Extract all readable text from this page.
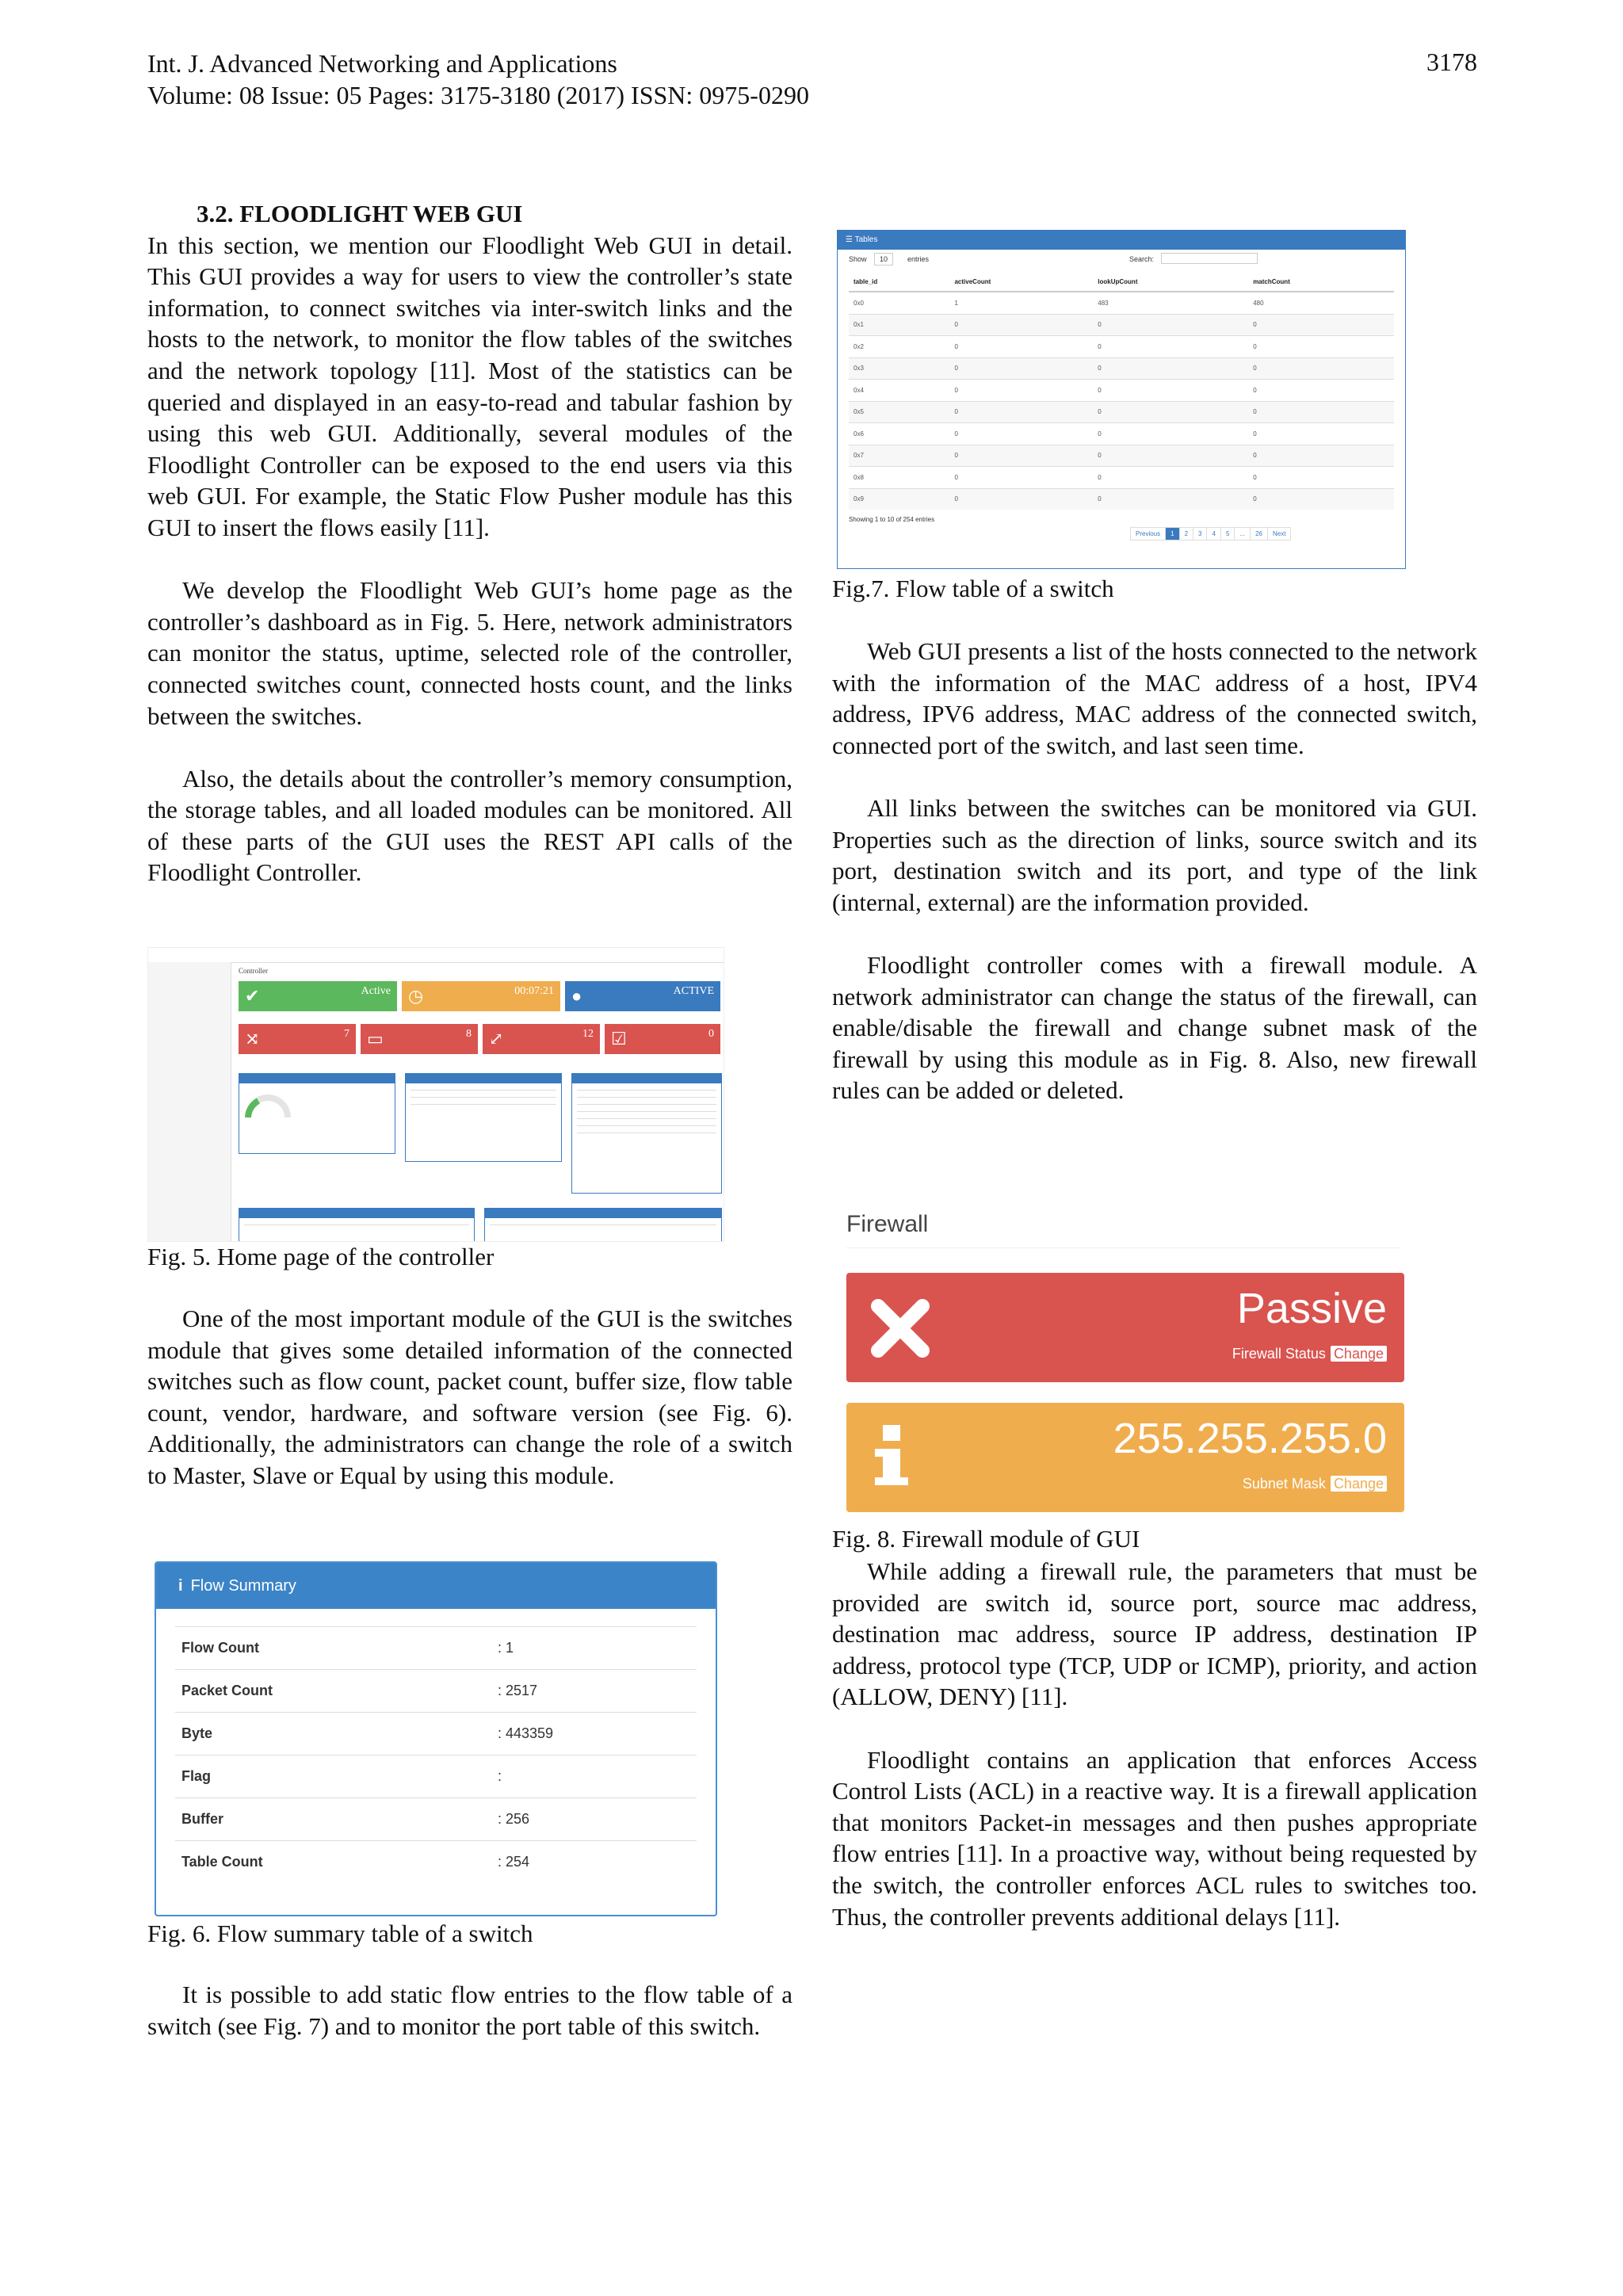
Int. J. Advanced Networking and Applications
Volume: 08 Issue: 05 Pages: 3175-3180 (2017) ISSN: 0975-0290
3178

3.2. FLOODLIGHT WEB GUI

In this section, we mention our Floodlight Web GUI in detail. This GUI provides a way for users to view the controller’s state information, to connect switches via inter-switch links and the hosts to the network, to monitor the flow tables of the switches and the network topology [11]. Most of the statistics can be queried and displayed in an easy-to-read and tabular fashion by using this web GUI. Additionally, several modules of the Floodlight Controller can be exposed to the end users via this web GUI. For example, the Static Flow Pusher module has this GUI to insert the flows easily [11].

We develop the Floodlight Web GUI’s home page as the controller’s dashboard as in Fig. 5. Here, network administrators can monitor the status, uptime, selected role of the controller, connected switches count, connected hosts count, and the links between the switches.

Also, the details about the controller’s memory consumption, the storage tables, and all loaded modules can be monitored. All of these parts of the GUI uses the REST API calls of the Floodlight Controller.

Controller
✔	Active ◷	00:07:21 ●	ACTIVE
⤨	7 ▭	8 ⤢	12 ☑	0
Fig. 5. Home page of the controller

One of the most important module of the GUI is the switches module that gives some detailed information of the connected switches such as flow count, packet count, buffer size, flow table count, vendor, hardware, and software version (see Fig. 6). Additionally, the administrators can change the role of a switch to Master, Slave or Equal by using this module.

i Flow Summary
Flow Count	: 1
Packet Count	: 2517
Byte	: 443359
Flag	:
Buffer	: 256
Table Count	: 254
Fig. 6. Flow summary table of a switch

It is possible to add static flow entries to the flow table of a switch (see Fig. 7) and to monitor the port table of this switch.

☰ Tables
Show	10	entries	Search:
table_id	activeCount	lookUpCount	matchCount
0x0	1	483	480
0x1	0	0	0
0x2	0	0	0
0x3	0	0	0
0x4	0	0	0
0x5	0	0	0
0x6	0	0	0
0x7	0	0	0
0x8	0	0	0
0x9	0	0	0
Showing 1 to 10 of 254 entries
Previous	1	2	3	4	5	...	26	Next
Fig.7. Flow table of a switch

Web GUI presents a list of the hosts connected to the network with the information of the MAC address of a host, IPV4 address, IPV6 address, MAC address of the connected switch, connected port of the switch, and last seen time.

All links between the switches can be monitored via GUI. Properties such as the direction of links, source switch and its port, destination switch and its port, and type of the link (internal, external) are the information provided.

Floodlight controller comes with a firewall module. A network administrator can change the status of the firewall, can enable/disable the firewall and change subnet mask of the firewall by using this module as in Fig. 8. Also, new firewall rules can be added or deleted.

Firewall
Passive
Firewall Status Change
255.255.255.0
Subnet Mask Change
Fig. 8. Firewall module of GUI

While adding a firewall rule, the parameters that must be provided are switch id, source port, source mac address, destination mac address, source IP address, destination IP address, protocol type (TCP, UDP or ICMP), priority, and action (ALLOW, DENY) [11].

Floodlight contains an application that enforces Access Control Lists (ACL) in a reactive way. It is a firewall application that monitors Packet-in messages and then pushes appropriate flow entries [11]. In a proactive way, without being requested by the switch, the controller enforces ACL rules to switches too. Thus, the controller prevents additional delays [11].
